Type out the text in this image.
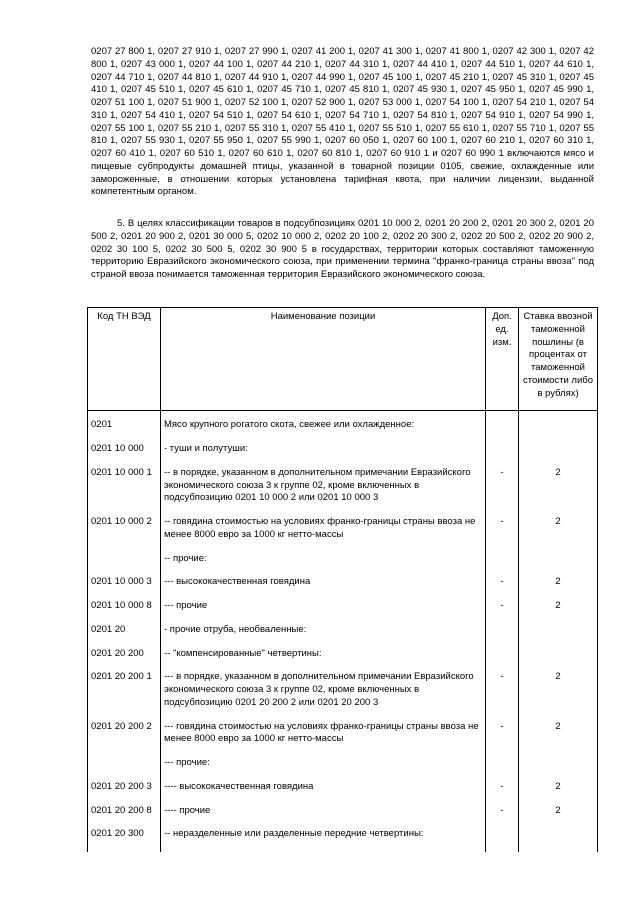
0207 27 800 1, 0207 27 910 1, 0207 27 990 1, 0207 41 200 1, 0207 41 300 1, 0207 41 800 1, 0207 42 300 1, 0207 42 800 1, 0207 43 000 1, 0207 44 100 1, 0207 44 210 1, 0207 44 310 1, 0207 44 410 1, 0207 44 510 1, 0207 44 610 1, 0207 44 710 1, 0207 44 810 1, 0207 44 910 1, 0207 44 990 1, 0207 45 100 1, 0207 45 210 1, 0207 45 310 1, 0207 45 410 1, 0207 45 510 1, 0207 45 610 1, 0207 45 710 1, 0207 45 810 1, 0207 45 930 1, 0207 45 950 1, 0207 45 990 1, 0207 51 100 1, 0207 51 900 1, 0207 52 100 1, 0207 52 900 1, 0207 53 000 1, 0207 54 100 1, 0207 54 210 1, 0207 54 310 1, 0207 54 410 1, 0207 54 510 1, 0207 54 610 1, 0207 54 710 1, 0207 54 810 1, 0207 54 910 1, 0207 54 990 1, 0207 55 100 1, 0207 55 210 1, 0207 55 310 1, 0207 55 410 1, 0207 55 510 1, 0207 55 610 1, 0207 55 710 1, 0207 55 810 1, 0207 55 930 1, 0207 55 950 1, 0207 55 990 1, 0207 60 050 1, 0207 60 100 1, 0207 60 210 1, 0207 60 310 1, 0207 60 410 1, 0207 60 510 1, 0207 60 610 1, 0207 60 810 1, 0207 60 910 1 и 0207 60 990 1 включаются мясо и пищевые субпродукты домашней птицы, указанной в товарной позиции 0105, свежие, охлажденные или замороженные, в отношении которых установлена тарифная квота, при наличии лицензии, выданной компетентным органом.

5. В целях классификации товаров в подсубпозициях 0201 10 000 2, 0201 20 200 2, 0201 20 300 2, 0201 20 500 2, 0201 20 900 2, 0201 30 000 5, 0202 10 000 2, 0202 20 100 2, 0202 20 300 2, 0202 20 500 2, 0202 20 900 2, 0202 30 100 5, 0202 30 500 5, 0202 30 900 5 в государствах, территории которых составляют таможенную территорию Евразийского экономического союза, при применении термина "франко-граница страны ввоза" под страной ввоза понимается таможенная территория Евразийского экономического союза.

Код ТН ВЭД	Наименование позиции	Доп. ед. изм.	Ставка ввозной таможенной пошлины (в процентах от таможенной стоимости либо в рублях)
0201	Мясо крупного рогатого скота, свежее или охлажденное:		
0201 10 000	- туши и полутуши:		
0201 10 000 1	-- в порядке, указанном в дополнительном примечании Евразийского экономического союза 3 к группе 02, кроме включенных в подсубпозицию 0201 10 000 2 или 0201 10 000 3	-	2
0201 10 000 2	-- говядина стоимостью на условиях франко-границы страны ввоза не менее 8000 евро за 1000 кг нетто-массы	-	2
	-- прочие:		
0201 10 000 3	--- высококачественная говядина	-	2
0201 10 000 8	--- прочие	-	2
0201 20	- прочие отруба, необваленные:		
0201 20 200	-- "компенсированные" четвертины:		
0201 20 200 1	--- в порядке, указанном в дополнительном примечании Евразийского экономического союза 3 к группе 02, кроме включенных в подсубпозицию 0201 20 200 2 или 0201 20 200 3	-	2
0201 20 200 2	--- говядина стоимостью на условиях франко-границы страны ввоза не менее 8000 евро за 1000 кг нетто-массы	-	2
	--- прочие:		
0201 20 200 3	---- высококачественная говядина	-	2
0201 20 200 8	---- прочие	-	2
0201 20 300	-- неразделенные или разделенные передние четвертины:		
